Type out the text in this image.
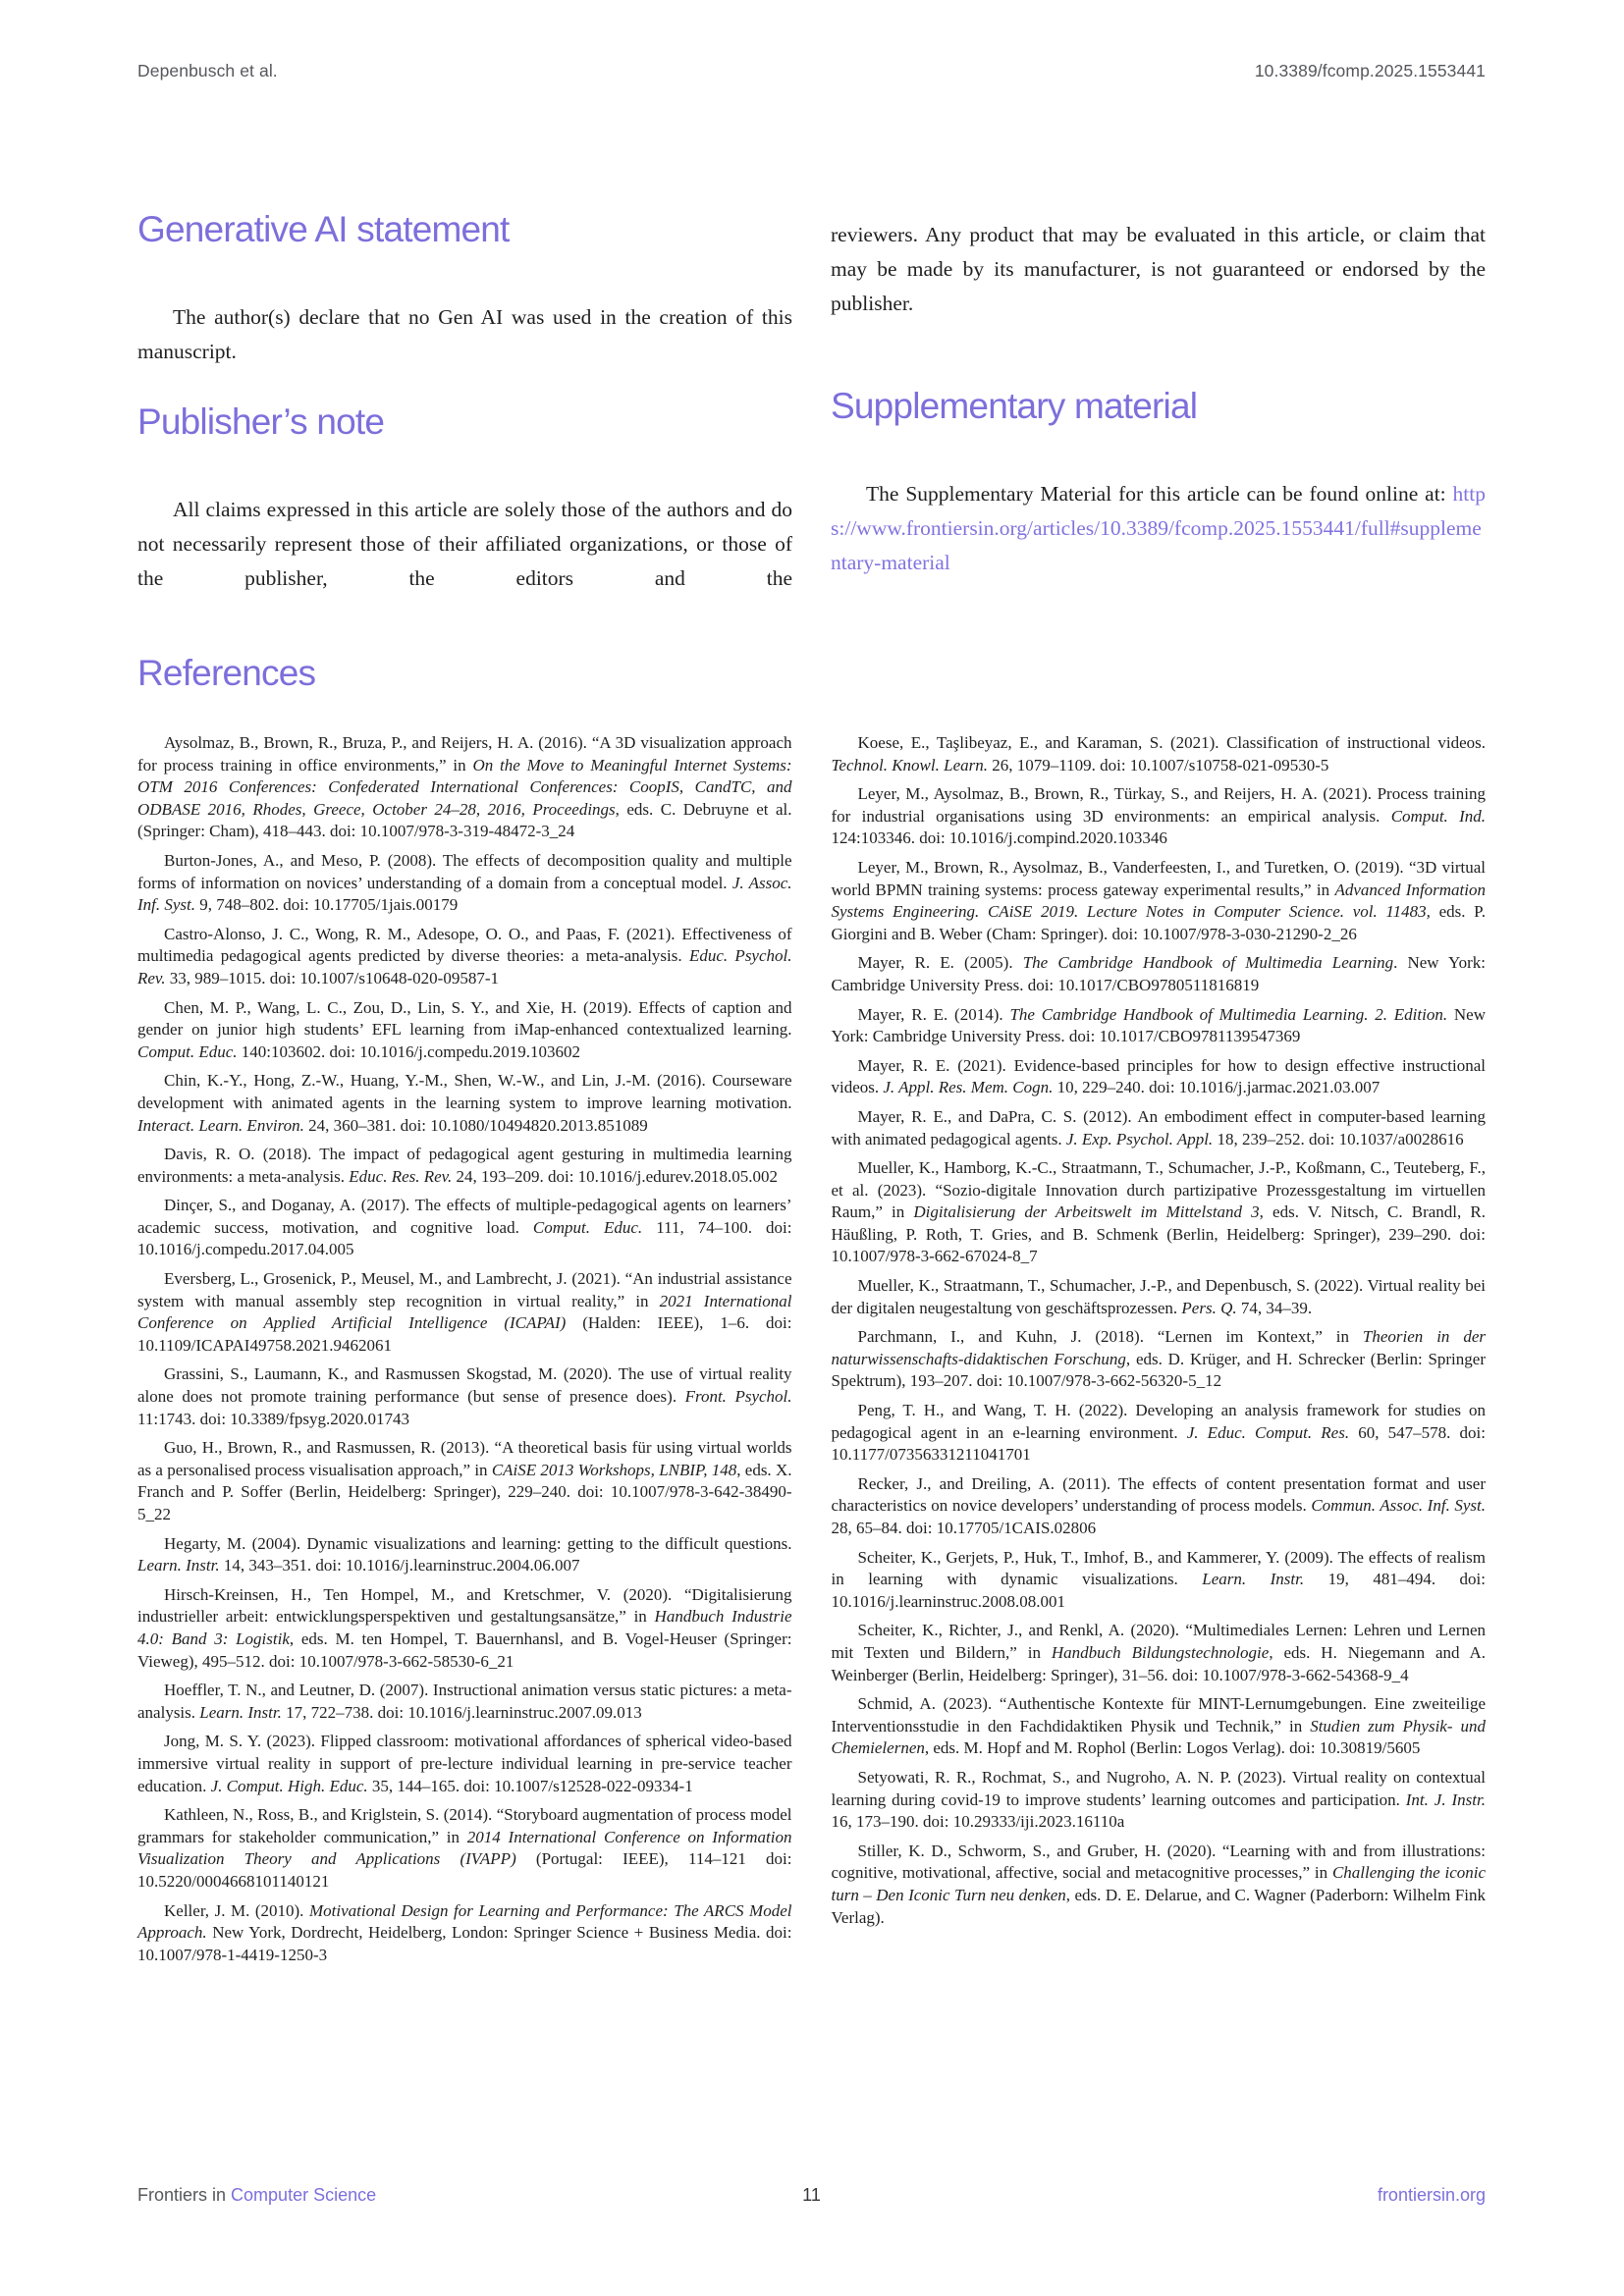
Depenbusch et al.	10.3389/fcomp.2025.1553441
Generative AI statement

The author(s) declare that no Gen AI was used in the creation of this manuscript.

Publisher’s note

All claims expressed in this article are solely those of the authors and do not necessarily represent those of their affiliated organizations, or those of the publisher, the editors and the

reviewers. Any product that may be evaluated in this article, or claim that may be made by its manufacturer, is not guaranteed or endorsed by the publisher.

Supplementary material

The Supplementary Material for this article can be found online at: https://www.frontiersin.org/articles/10.3389/fcomp.2025.1553441/full#supplementary-material

References

Aysolmaz, B., Brown, R., Bruza, P., and Reijers, H. A. (2016). “A 3D visualization approach for process training in office environments,” in On the Move to Meaningful Internet Systems: OTM 2016 Conferences: Confederated International Conferences: CoopIS, CandTC, and ODBASE 2016, Rhodes, Greece, October 24–28, 2016, Proceedings, eds. C. Debruyne et al. (Springer: Cham), 418–443. doi: 10.1007/978-3-319-48472-3_24

Burton-Jones, A., and Meso, P. (2008). The effects of decomposition quality and multiple forms of information on novices’ understanding of a domain from a conceptual model. J. Assoc. Inf. Syst. 9, 748–802. doi: 10.17705/1jais.00179

Castro-Alonso, J. C., Wong, R. M., Adesope, O. O., and Paas, F. (2021). Effectiveness of multimedia pedagogical agents predicted by diverse theories: a meta-analysis. Educ. Psychol. Rev. 33, 989–1015. doi: 10.1007/s10648-020-09587-1

Chen, M. P., Wang, L. C., Zou, D., Lin, S. Y., and Xie, H. (2019). Effects of caption and gender on junior high students’ EFL learning from iMap-enhanced contextualized learning. Comput. Educ. 140:103602. doi: 10.1016/j.compedu.2019.103602

Chin, K.-Y., Hong, Z.-W., Huang, Y.-M., Shen, W.-W., and Lin, J.-M. (2016). Courseware development with animated agents in the learning system to improve learning motivation. Interact. Learn. Environ. 24, 360–381. doi: 10.1080/10494820.2013.851089

Davis, R. O. (2018). The impact of pedagogical agent gesturing in multimedia learning environments: a meta-analysis. Educ. Res. Rev. 24, 193–209. doi: 10.1016/j.edurev.2018.05.002

Dinçer, S., and Doganay, A. (2017). The effects of multiple-pedagogical agents on learners’ academic success, motivation, and cognitive load. Comput. Educ. 111, 74–100. doi: 10.1016/j.compedu.2017.04.005

Eversberg, L., Grosenick, P., Meusel, M., and Lambrecht, J. (2021). “An industrial assistance system with manual assembly step recognition in virtual reality,” in 2021 International Conference on Applied Artificial Intelligence (ICAPAI) (Halden: IEEE), 1–6. doi: 10.1109/ICAPAI49758.2021.9462061

Grassini, S., Laumann, K., and Rasmussen Skogstad, M. (2020). The use of virtual reality alone does not promote training performance (but sense of presence does). Front. Psychol. 11:1743. doi: 10.3389/fpsyg.2020.01743

Guo, H., Brown, R., and Rasmussen, R. (2013). “A theoretical basis für using virtual worlds as a personalised process visualisation approach,” in CAiSE 2013 Workshops, LNBIP, 148, eds. X. Franch and P. Soffer (Berlin, Heidelberg: Springer), 229–240. doi: 10.1007/978-3-642-38490-5_22

Hegarty, M. (2004). Dynamic visualizations and learning: getting to the difficult questions. Learn. Instr. 14, 343–351. doi: 10.1016/j.learninstruc.2004.06.007

Hirsch-Kreinsen, H., Ten Hompel, M., and Kretschmer, V. (2020). “Digitalisierung industrieller arbeit: entwicklungsperspektiven und gestaltungsansätze,” in Handbuch Industrie 4.0: Band 3: Logistik, eds. M. ten Hompel, T. Bauernhansl, and B. Vogel-Heuser (Springer: Vieweg), 495–512. doi: 10.1007/978-3-662-58530-6_21

Hoeffler, T. N., and Leutner, D. (2007). Instructional animation versus static pictures: a meta-analysis. Learn. Instr. 17, 722–738. doi: 10.1016/j.learninstruc.2007.09.013

Jong, M. S. Y. (2023). Flipped classroom: motivational affordances of spherical video-based immersive virtual reality in support of pre-lecture individual learning in pre-service teacher education. J. Comput. High. Educ. 35, 144–165. doi: 10.1007/s12528-022-09334-1

Kathleen, N., Ross, B., and Kriglstein, S. (2014). “Storyboard augmentation of process model grammars for stakeholder communication,” in 2014 International Conference on Information Visualization Theory and Applications (IVAPP) (Portugal: IEEE), 114–121 doi: 10.5220/0004668101140121

Keller, J. M. (2010). Motivational Design for Learning and Performance: The ARCS Model Approach. New York, Dordrecht, Heidelberg, London: Springer Science + Business Media. doi: 10.1007/978-1-4419-1250-3

Koese, E., Taşlibeyaz, E., and Karaman, S. (2021). Classification of instructional videos. Technol. Knowl. Learn. 26, 1079–1109. doi: 10.1007/s10758-021-09530-5

Leyer, M., Aysolmaz, B., Brown, R., Türkay, S., and Reijers, H. A. (2021). Process training for industrial organisations using 3D environments: an empirical analysis. Comput. Ind. 124:103346. doi: 10.1016/j.compind.2020.103346

Leyer, M., Brown, R., Aysolmaz, B., Vanderfeesten, I., and Turetken, O. (2019). “3D virtual world BPMN training systems: process gateway experimental results,” in Advanced Information Systems Engineering. CAiSE 2019. Lecture Notes in Computer Science. vol. 11483, eds. P. Giorgini and B. Weber (Cham: Springer). doi: 10.1007/978-3-030-21290-2_26

Mayer, R. E. (2005). The Cambridge Handbook of Multimedia Learning. New York: Cambridge University Press. doi: 10.1017/CBO9780511816819

Mayer, R. E. (2014). The Cambridge Handbook of Multimedia Learning. 2. Edition. New York: Cambridge University Press. doi: 10.1017/CBO9781139547369

Mayer, R. E. (2021). Evidence-based principles for how to design effective instructional videos. J. Appl. Res. Mem. Cogn. 10, 229–240. doi: 10.1016/j.jarmac.2021.03.007

Mayer, R. E., and DaPra, C. S. (2012). An embodiment effect in computer-based learning with animated pedagogical agents. J. Exp. Psychol. Appl. 18, 239–252. doi: 10.1037/a0028616

Mueller, K., Hamborg, K.-C., Straatmann, T., Schumacher, J.-P., Koßmann, C., Teuteberg, F., et al. (2023). “Sozio-digitale Innovation durch partizipative Prozessgestaltung im virtuellen Raum,” in Digitalisierung der Arbeitswelt im Mittelstand 3, eds. V. Nitsch, C. Brandl, R. Häußling, P. Roth, T. Gries, and B. Schmenk (Berlin, Heidelberg: Springer), 239–290. doi: 10.1007/978-3-662-67024-8_7

Mueller, K., Straatmann, T., Schumacher, J.-P., and Depenbusch, S. (2022). Virtual reality bei der digitalen neugestaltung von geschäftsprozessen. Pers. Q. 74, 34–39.

Parchmann, I., and Kuhn, J. (2018). “Lernen im Kontext,” in Theorien in der naturwissenschafts-didaktischen Forschung, eds. D. Krüger, and H. Schrecker (Berlin: Springer Spektrum), 193–207. doi: 10.1007/978-3-662-56320-5_12

Peng, T. H., and Wang, T. H. (2022). Developing an analysis framework for studies on pedagogical agent in an e-learning environment. J. Educ. Comput. Res. 60, 547–578. doi: 10.1177/07356331211041701

Recker, J., and Dreiling, A. (2011). The effects of content presentation format and user characteristics on novice developers’ understanding of process models. Commun. Assoc. Inf. Syst. 28, 65–84. doi: 10.17705/1CAIS.02806

Scheiter, K., Gerjets, P., Huk, T., Imhof, B., and Kammerer, Y. (2009). The effects of realism in learning with dynamic visualizations. Learn. Instr. 19, 481–494. doi: 10.1016/j.learninstruc.2008.08.001

Scheiter, K., Richter, J., and Renkl, A. (2020). “Multimediales Lernen: Lehren und Lernen mit Texten und Bildern,” in Handbuch Bildungstechnologie, eds. H. Niegemann and A. Weinberger (Berlin, Heidelberg: Springer), 31–56. doi: 10.1007/978-3-662-54368-9_4

Schmid, A. (2023). “Authentische Kontexte für MINT-Lernumgebungen. Eine zweiteilige Interventionsstudie in den Fachdidaktiken Physik und Technik,” in Studien zum Physik- und Chemielernen, eds. M. Hopf and M. Rophol (Berlin: Logos Verlag). doi: 10.30819/5605

Setyowati, R. R., Rochmat, S., and Nugroho, A. N. P. (2023). Virtual reality on contextual learning during covid-19 to improve students’ learning outcomes and participation. Int. J. Instr. 16, 173–190. doi: 10.29333/iji.2023.16110a

Stiller, K. D., Schworm, S., and Gruber, H. (2020). “Learning with and from illustrations: cognitive, motivational, affective, social and metacognitive processes,” in Challenging the iconic turn – Den Iconic Turn neu denken, eds. D. E. Delarue, and C. Wagner (Paderborn: Wilhelm Fink Verlag).

Frontiers in Computer Science	11	frontiersin.org
